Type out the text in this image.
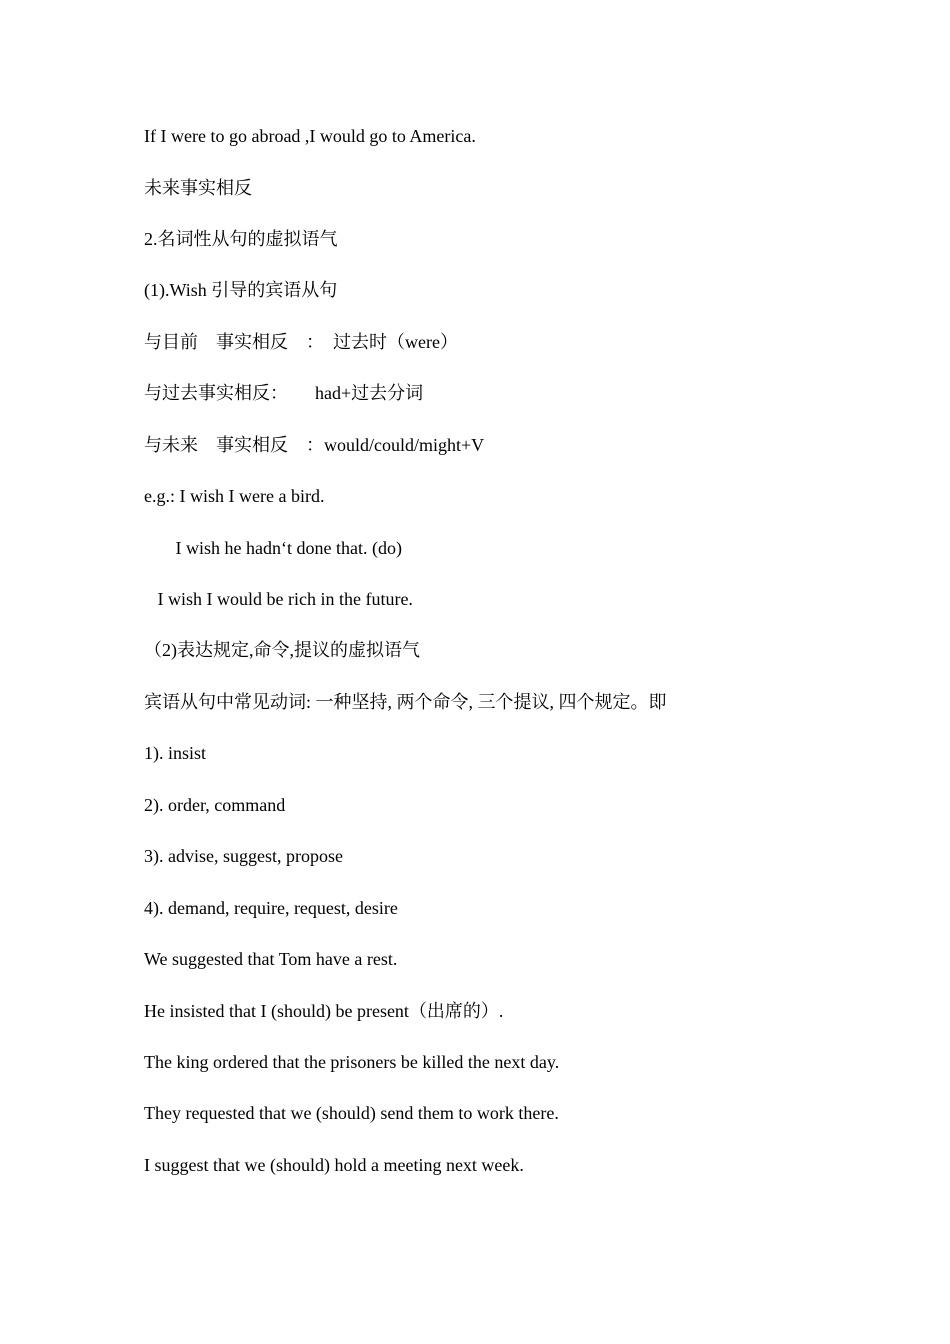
If I were to go abroad ,I would go to America.
未来事实相反
2.名词性从句的虚拟语气
(1).Wish 引导的宾语从句
与目前    事实相反    ：  过去时（were）
与过去事实相反：      had+过去分词
与未来    事实相反    ：would/could/might+V
e.g.: I wish I were a bird.
I wish he hadn‘t done that. (do)
I wish I would be rich in the future.
（2)表达规定,命令,提议的虚拟语气
宾语从句中常见动词: 一种坚持, 两个命令, 三个提议, 四个规定。即
1). insist
2). order, command
3). advise, suggest, propose
4). demand, require, request, desire
We suggested that Tom have a rest.
He insisted that I (should) be present（出席的）.
The king ordered that the prisoners be killed the next day.
They requested that we (should) send them to work there.
I suggest that we (should) hold a meeting next week.
